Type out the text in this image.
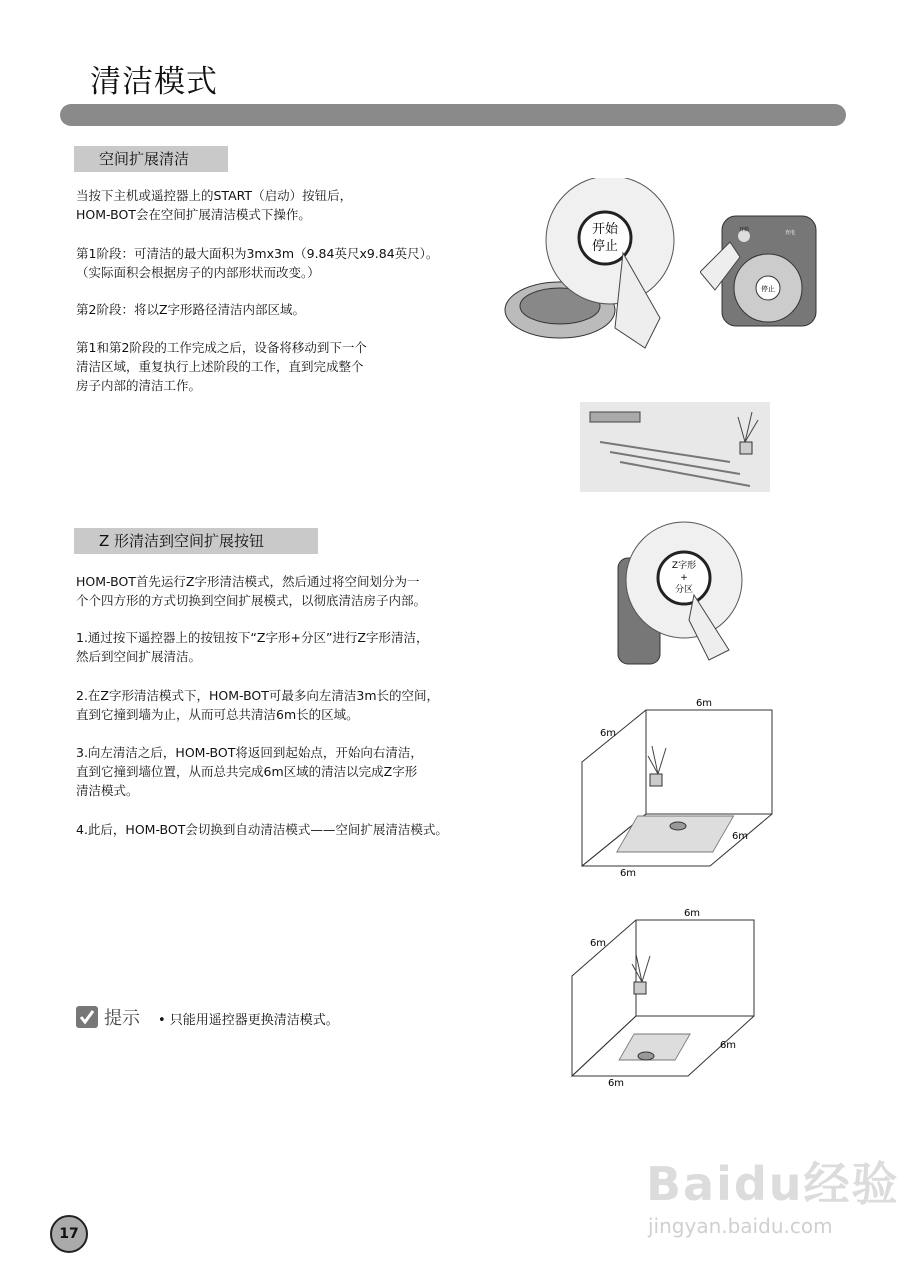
清洁模式
空间扩展清洁
当按下主机或遥控器上的START（启动）按钮后，
HOM-BOT会在空间扩展清洁模式下操作。
第1阶段：可清洁的最大面积为3mx3m（9.84英尺x9.84英尺）。
（实际面积会根据房子的内部形状而改变。）
第2阶段：将以Z字形路径清洁内部区域。
第1和第2阶段的工作完成之后，设备将移动到下一个
清洁区域，重复执行上述阶段的工作，直到完成整个
房子内部的清洁工作。
Z 形清洁到空间扩展按钮
HOM-BOT首先运行Z字形清洁模式，然后通过将空间划分为一
个个四方形的方式切换到空间扩展模式，以彻底清洁房子内部。
1.通过按下遥控器上的按钮按下“Z字形+分区”进行Z字形清洁，
然后到空间扩展清洁。
2.在Z字形清洁模式下，HOM-BOT可最多向左清洁3m长的空间，
直到它撞到墙为止，从而可总共清洁6m长的区域。
3.向左清洁之后，HOM-BOT将返回到起始点，开始向右清洁，
直到它撞到墙位置，从而总共完成6m区域的清洁以完成Z字形
清洁模式。
4.此后，HOM-BOT会切换到自动清洁模式——空间扩展清洁模式。
提示 • 只能用遥控器更换清洁模式。
开始
停止
开始	充电
停止
Z字形
+
分区
6m
6m
6m
6m
6m
6m
6m
6m
17
Baidu经验
jingyan.baidu.com
